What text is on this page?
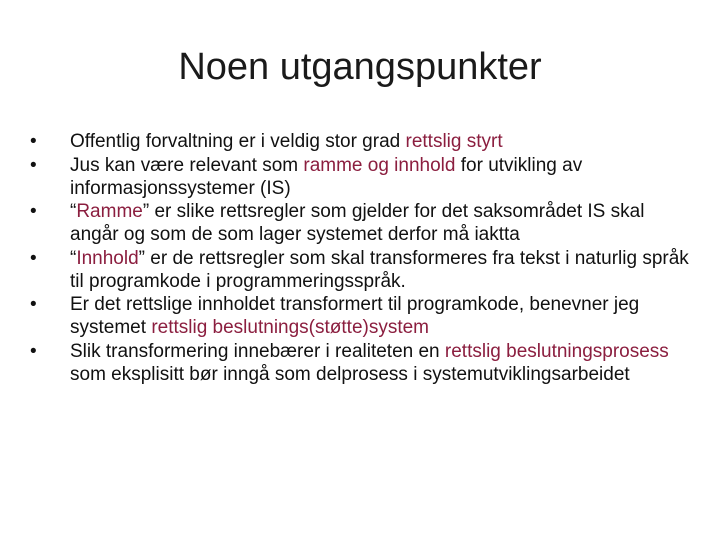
Noen utgangspunkter
•	Offentlig forvaltning er i veldig stor grad rettslig styrt
•	Jus kan være relevant som ramme og innhold for utvikling av informasjonssystemer (IS)
•	“Ramme” er slike rettsregler som gjelder for det saksområdet IS skal angår og som de som lager systemet derfor må iaktta
•	“Innhold” er de rettsregler som skal transformeres fra tekst i naturlig språk til programkode i programmeringsspråk.
•	Er det rettslige innholdet transformert til programkode, benevner jeg systemet rettslig beslutnings(støtte)system
•	Slik transformering innebærer i realiteten en rettslig beslutningsprosess som eksplisitt bør inngå som delprosess i systemutviklingsarbeidet
